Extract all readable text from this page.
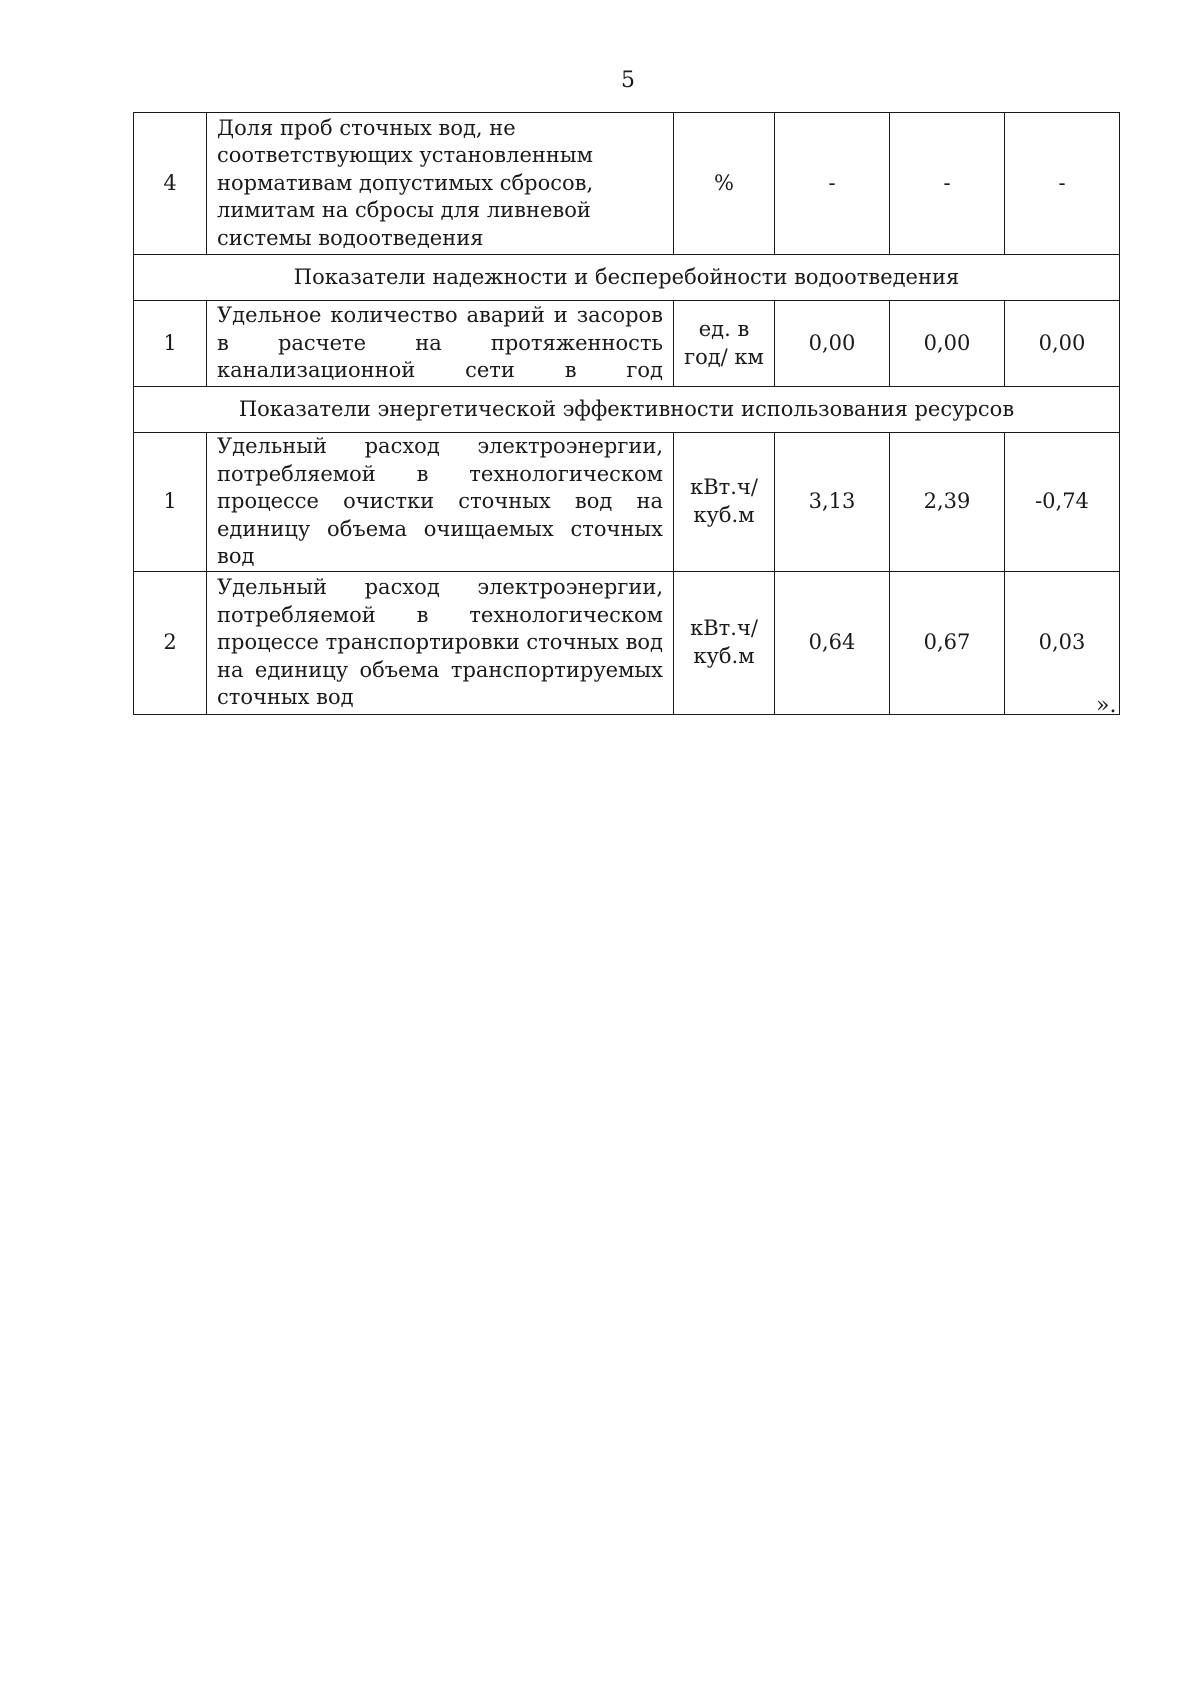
5
4	Доля проб сточных вод, не соответствующих установленным нормативам допустимых сбросов, лимитам на сбросы для ливневой системы водоотведения	%	-	-	-
Показатели надежности и бесперебойности водоотведения					
1	Удельное количество аварий и засоров в расчете на протяженность канализационной сети в год	ед. в год/ км	0,00	0,00	0,00
Показатели энергетической эффективности использования ресурсов					
1	Удельный расход электроэнергии, потребляемой в технологическом процессе очистки сточных вод на единицу объема очищаемых сточных вод	кВт.ч/ куб.м	3,13	2,39	-0,74
2	Удельный расход электроэнергии, потребляемой в технологическом процессе транспортировки сточных вод на единицу объема транспортируемых сточных вод	кВт.ч/ куб.м	0,64	0,67	0,03
».
